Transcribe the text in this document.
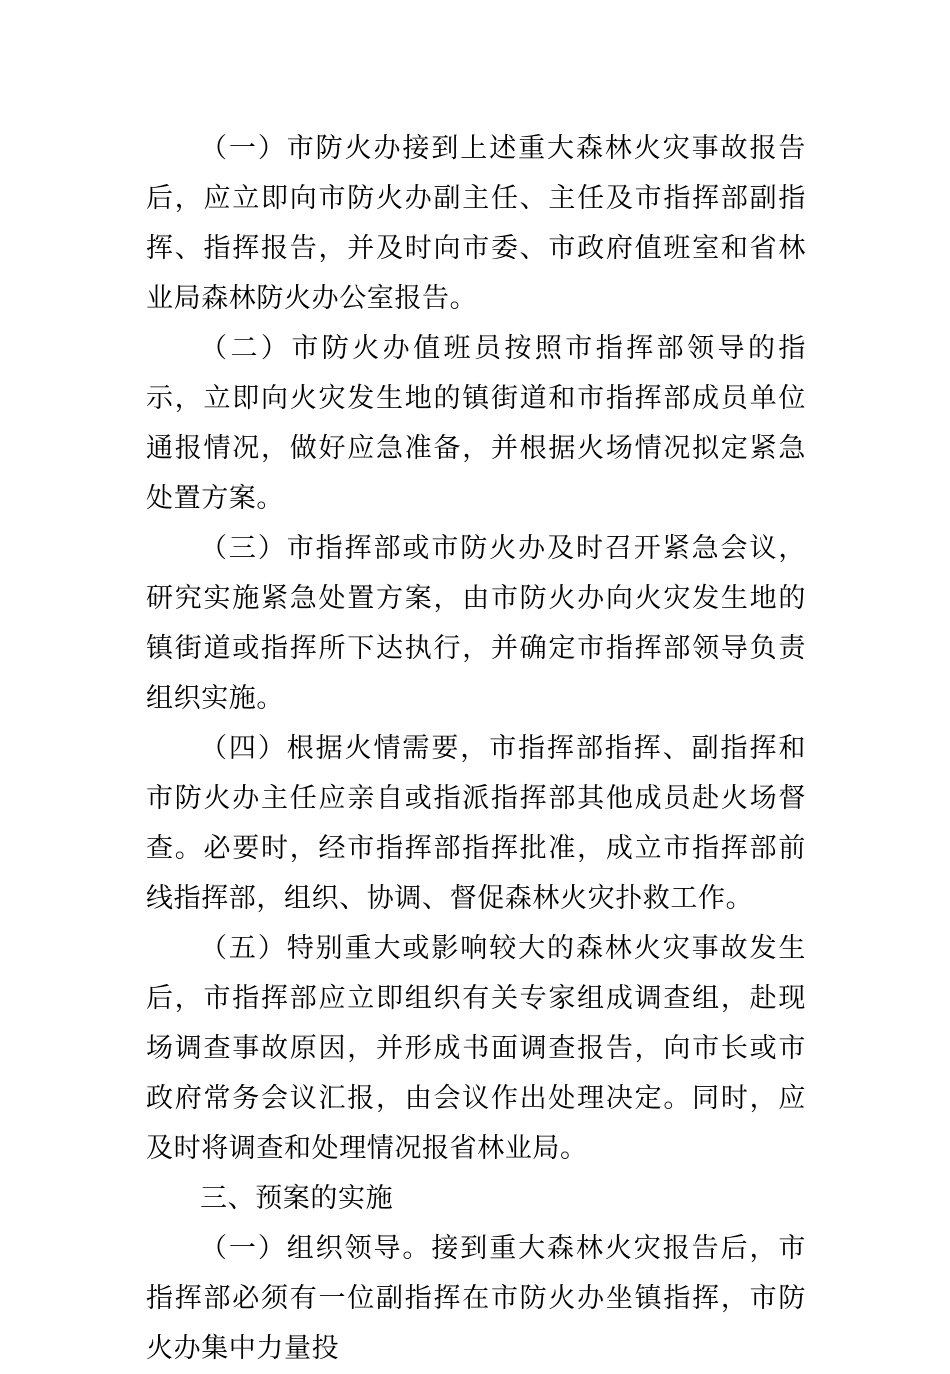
（一）市防火办接到上述重大森林火灾事故报告后，应立即向市防火办副主任、主任及市指挥部副指挥、指挥报告，并及时向市委、市政府值班室和省林业局森林防火办公室报告。

（二）市防火办值班员按照市指挥部领导的指示，立即向火灾发生地的镇街道和市指挥部成员单位通报情况，做好应急准备，并根据火场情况拟定紧急处置方案。

（三）市指挥部或市防火办及时召开紧急会议，研究实施紧急处置方案，由市防火办向火灾发生地的镇街道或指挥所下达执行，并确定市指挥部领导负责组织实施。

（四）根据火情需要，市指挥部指挥、副指挥和市防火办主任应亲自或指派指挥部其他成员赴火场督查。必要时，经市指挥部指挥批准，成立市指挥部前线指挥部，组织、协调、督促森林火灾扑救工作。

（五）特别重大或影响较大的森林火灾事故发生后，市指挥部应立即组织有关专家组成调查组，赴现场调查事故原因，并形成书面调查报告，向市长或市政府常务会议汇报，由会议作出处理决定。同时，应及时将调查和处理情况报省林业局。

三、预案的实施

（一）组织领导。接到重大森林火灾报告后，市指挥部必须有一位副指挥在市防火办坐镇指挥，市防火办集中力量投
